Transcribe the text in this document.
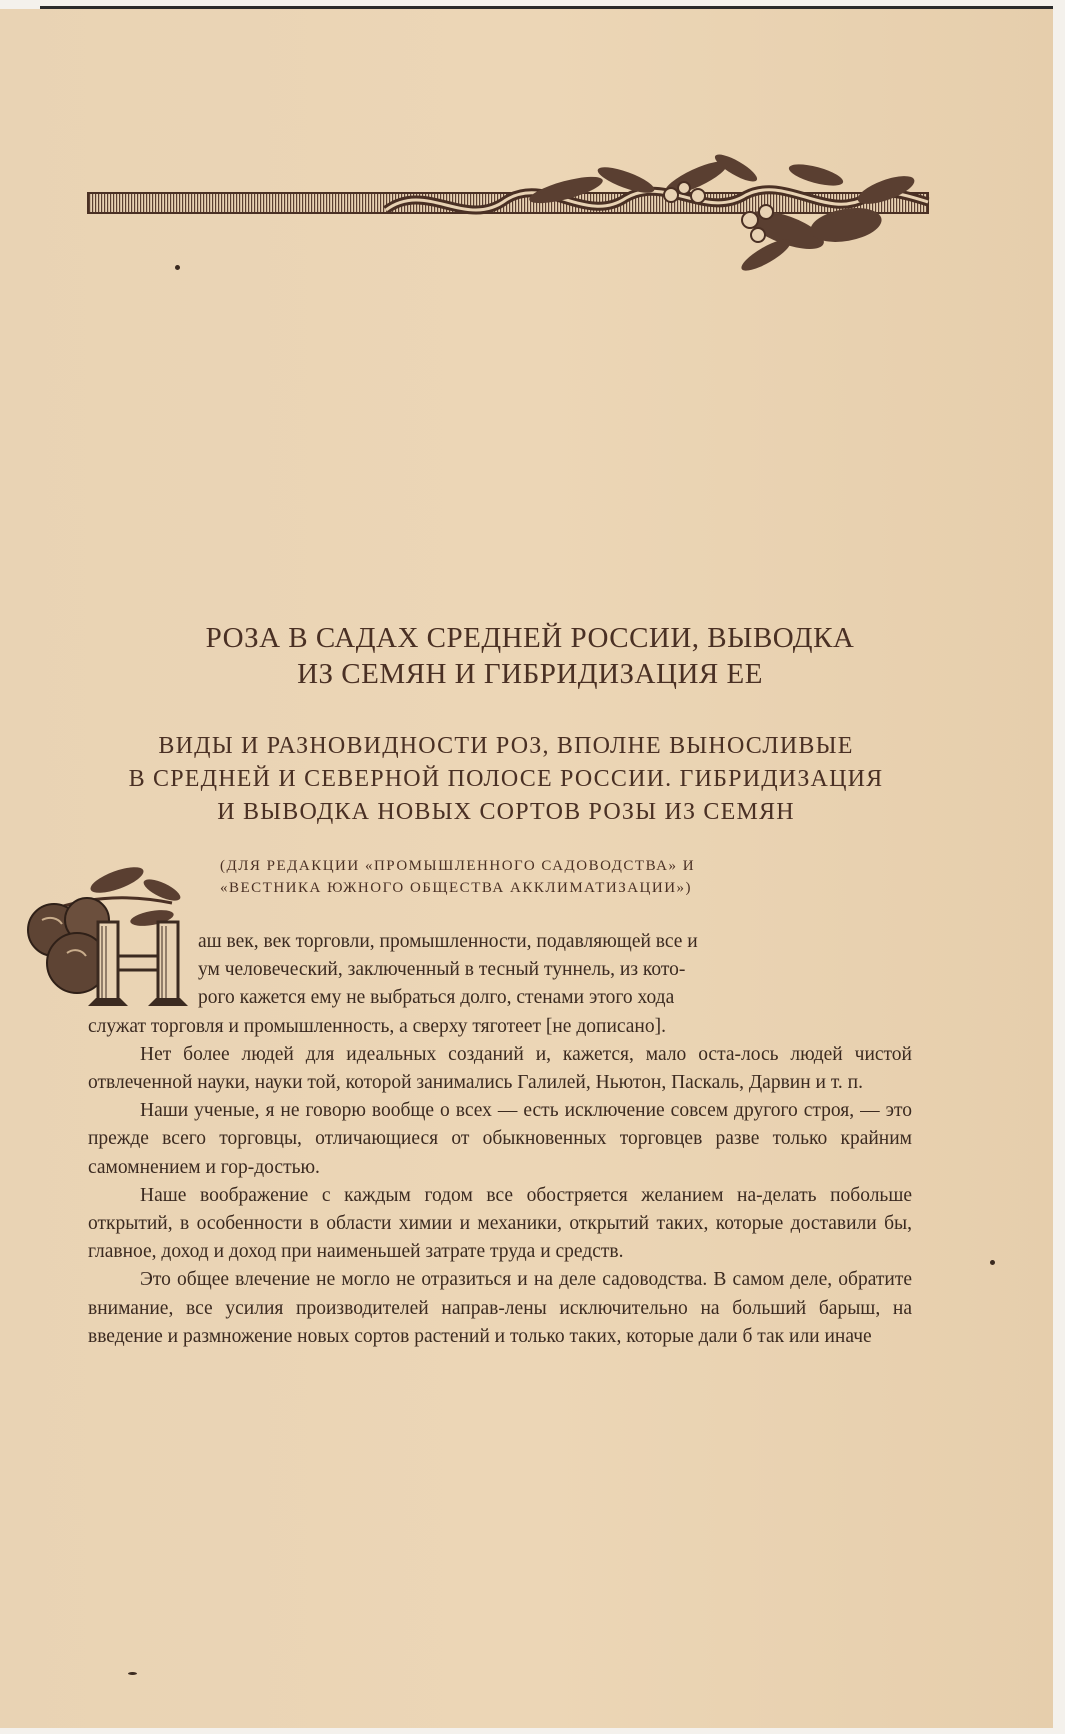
РОЗА В САДАХ СРЕДНЕЙ РОССИИ, ВЫВОДКА
ИЗ СЕМЯН И ГИБРИДИЗАЦИЯ ЕЕ
ВИДЫ И РАЗНОВИДНОСТИ РОЗ, ВПОЛНЕ ВЫНОСЛИВЫЕ
В СРЕДНЕЙ И СЕВЕРНОЙ ПОЛОСЕ РОССИИ. ГИБРИДИЗАЦИЯ
И ВЫВОДКА НОВЫХ СОРТОВ РОЗЫ ИЗ СЕМЯН

(ДЛЯ РЕДАКЦИИ «ПРОМЫШЛЕННОГО САДОВОДСТВА» И
«ВЕСТНИКА ЮЖНОГО ОБЩЕСТВА АККЛИМАТИЗАЦИИ»)

аш век, век торговли, промышленности, подавляющей все и
ум человеческий, заключенный в тесный туннель, из кото-
рого кажется ему не выбраться долго, стенами этого хода

служат торговля и промышленность, а сверху тяготеет [не дописано].

Нет более людей для идеальных созданий и, кажется, мало оста-лось людей чистой отвлеченной науки, науки той, которой занимались Галилей, Ньютон, Паскаль, Дарвин и т. п.

Наши ученые, я не говорю вообще о всех — есть исключение совсем другого строя, — это прежде всего торговцы, отличающиеся от обыкновенных торговцев разве только крайним самомнением и гор-достью.

Наше воображение с каждым годом все обостряется желанием на-делать побольше открытий, в особенности в области химии и механики, открытий таких, которые доставили бы, главное, доход и доход при наименьшей затрате труда и средств.

Это общее влечение не могло не отразиться и на деле садоводства. В самом деле, обратите внимание, все усилия производителей направ-лены исключительно на больший барыш, на введение и размножение новых сортов растений и только таких, которые дали б так или иначе
